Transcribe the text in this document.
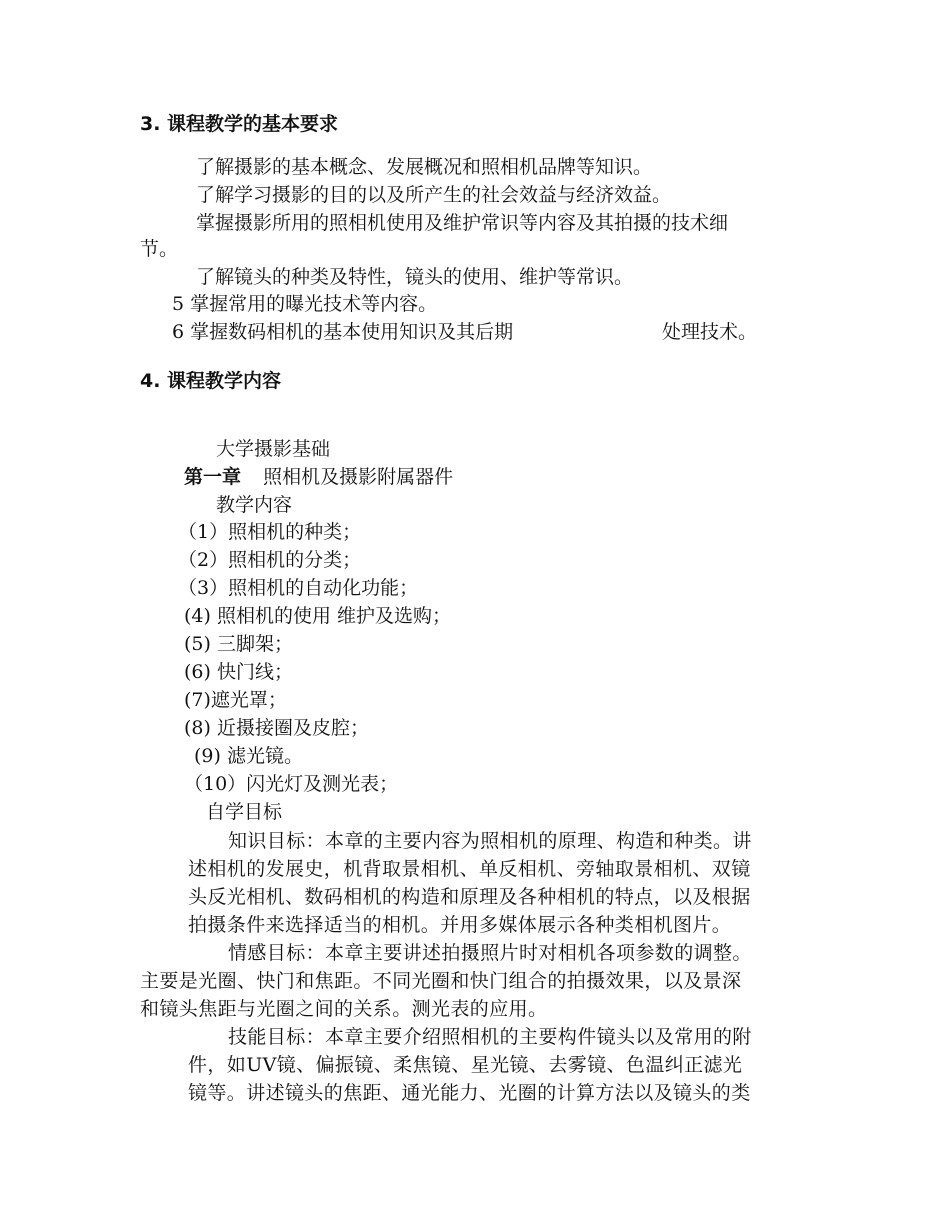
3. 课程教学的基本要求
了解摄影的基本概念、发展概况和照相机品牌等知识。
了解学习摄影的目的以及所产生的社会效益与经济效益。
掌握摄影所用的照相机使用及维护常识等内容及其拍摄的技术细
节。
了解镜头的种类及特性，镜头的使用、维护等常识。
5 掌握常用的曝光技术等内容。
6 掌握数码相机的基本使用知识及其后期	处理技术。
4. 课程教学内容
大学摄影基础
第一章 照相机及摄影附属器件
教学内容
（1）照相机的种类；
（2）照相机的分类；
（3）照相机的自动化功能；
(4) 照相机的使用 维护及选购；
(5) 三脚架；
(6) 快门线；
(7)遮光罩；
(8) 近摄接圈及皮腔；
(9) 滤光镜。
（10）闪光灯及测光表；
自学目标
知识目标：本章的主要内容为照相机的原理、构造和种类。讲
述相机的发展史，机背取景相机、单反相机、旁轴取景相机、双镜
头反光相机、数码相机的构造和原理及各种相机的特点，以及根据
拍摄条件来选择适当的相机。并用多媒体展示各种类相机图片。
情感目标：本章主要讲述拍摄照片时对相机各项参数的调整。
主要是光圈、快门和焦距。不同光圈和快门组合的拍摄效果，以及景深
和镜头焦距与光圈之间的关系。测光表的应用。
技能目标：本章主要介绍照相机的主要构件镜头以及常用的附
件，如UV镜、偏振镜、柔焦镜、星光镜、去雾镜、色温纠正滤光
镜等。讲述镜头的焦距、通光能力、光圈的计算方法以及镜头的类
